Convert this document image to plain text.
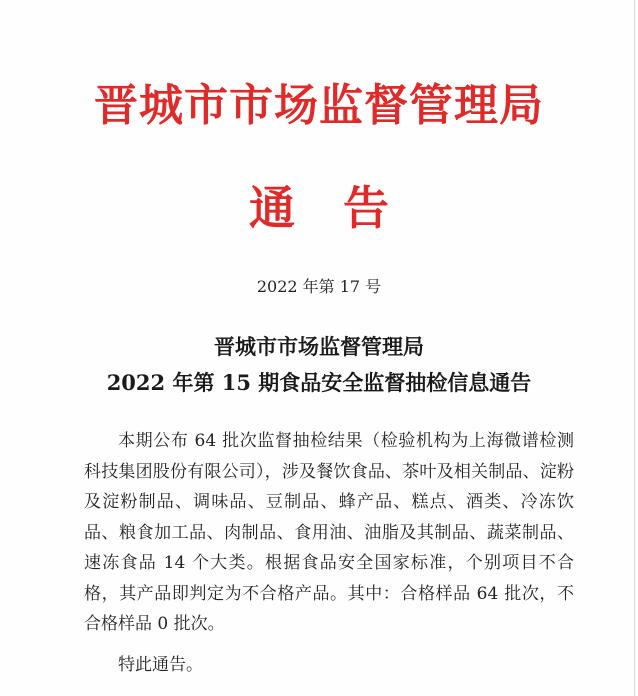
晋城市市场监督管理局
通 告
2022 年第 17 号
晋城市市场监督管理局
2022 年第 15 期食品安全监督抽检信息通告

本期公布 64 批次监督抽检结果（检验机构为上海微谱检测科技集团股份有限公司），涉及餐饮食品、茶叶及相关制品、淀粉及淀粉制品、调味品、豆制品、蜂产品、糕点、酒类、冷冻饮品、粮食加工品、肉制品、食用油、油脂及其制品、蔬菜制品、速冻食品 14 个大类。根据食品安全国家标准，个别项目不合格，其产品即判定为不合格产品。其中：合格样品 64 批次，不合格样品 0 批次。

特此通告。
